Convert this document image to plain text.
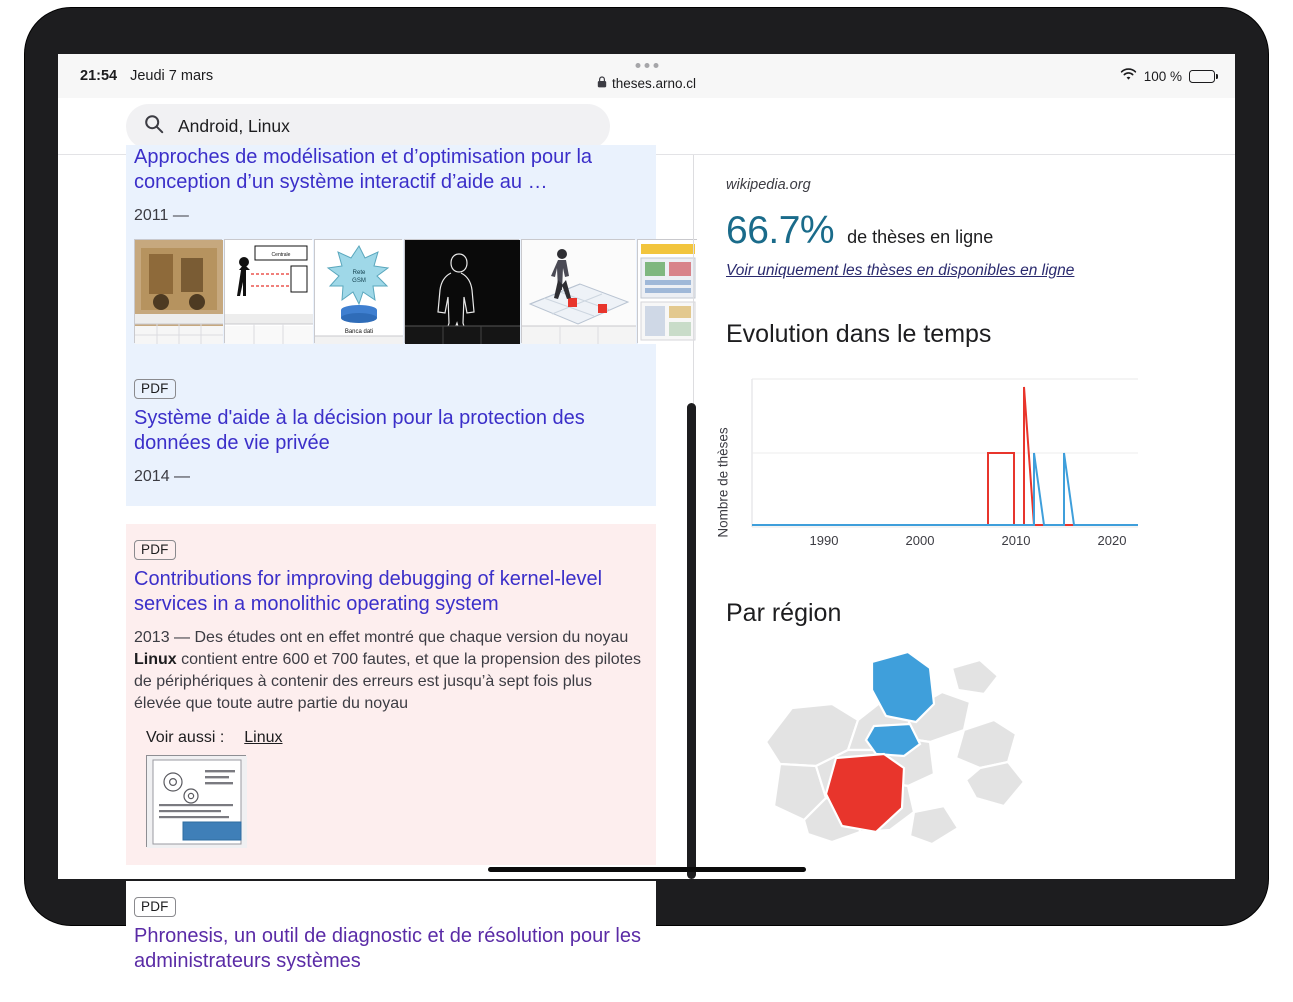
21:54 Jeudi 7 mars	theses.arno.cl	100 %
Android, Linux
Approches de modélisation et d’optimisation pour la conception d’un système interactif d’aide au …
2011 —
Centrale
Rete
GSM
Banca dati
PDF
Système d'aide à la décision pour la protection des données de vie privée
2014 —
PDF
Contributions for improving debugging of kernel-level services in a monolithic operating system

2013 — Des études ont en effet montré que chaque version du noyau Linux contient entre 600 et 700 fautes, et que la propension des pilotes de périphériques à contenir des erreurs est jusqu’à sept fois plus élevée que toute autre partie du noyau

Voir aussi : Linux
PDF
Phronesis, un outil de diagnostic et de résolution pour les administrateurs systèmes
wikipedia.org
66.7% de thèses en ligne
Voir uniquement les thèses en disponibles en ligne
Evolution dans le temps
Nombre de thèses
1990	2000	2010	2020
Par région
